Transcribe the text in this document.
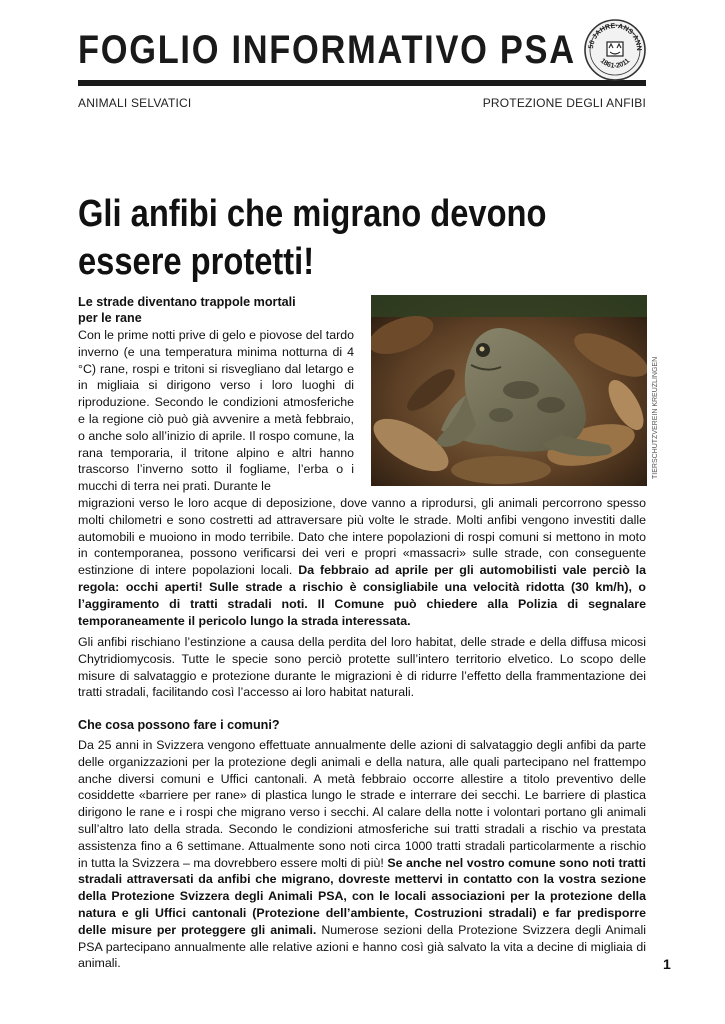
FOGLIO INFORMATIVO PSA	50 JAHRE·ANS·ANN
1861-2011
ANIMALI SELVATICI	PROTEZIONE DEGLI ANFIBI
Gli anfibi che migrano devono
essere protetti!
Le strade diventano trappole mortali
per le rane
Con le prime notti prive di gelo e piovose del tardo inverno (e una temperatura minima notturna di 4 °C) rane, rospi e tritoni si risvegliano dal letargo e in migliaia si dirigono verso i loro luoghi di riproduzione. Secondo le condizioni atmosferiche e la regione ciò può già avvenire a metà febbraio, o anche solo all’inizio di aprile. Il rospo comune, la rana temporaria, il tritone alpino e altri hanno trascorso l’inverno sotto il fogliame, l’erba o i mucchi di terra nei prati. Durante le
TIERSCHUTZVEREIN KREUZLINGEN
migrazioni verso le loro acque di deposizione, dove vanno a riprodursi, gli animali percorrono spesso molti chilometri e sono costretti ad attraversare più volte le strade. Molti anfibi vengono investiti dalle automobili e muoiono in modo terribile. Dato che intere popolazioni di rospi comuni si mettono in moto in contemporanea, possono verificarsi dei veri e propri «massacri» sulle strade, con conseguente estinzione di intere popolazioni locali. Da febbraio ad aprile per gli automobilisti vale perciò la regola: occhi aperti! Sulle strade a rischio è consigliabile una velocità ridotta (30 km/h), o l’aggiramento di tratti stradali noti. Il Comune può chiedere alla Polizia di segnalare temporaneamente il pericolo lungo la strada interessata.
Gli anfibi rischiano l’estinzione a causa della perdita del loro habitat, delle strade e della diffusa micosi Chytridiomycosis. Tutte le specie sono perciò protette sull’intero territorio elvetico. Lo scopo delle misure di salvataggio e protezione durante le migrazioni è di ridurre l’effetto della frammentazione dei tratti stradali, facilitando così l’accesso ai loro habitat naturali.
Che cosa possono fare i comuni?
Da 25 anni in Svizzera vengono effettuate annualmente delle azioni di salvataggio degli anfibi da parte delle organizzazioni per la protezione degli animali e della natura, alle quali partecipano nel frattempo anche diversi comuni e Uffici cantonali. A metà febbraio occorre allestire a titolo preventivo delle cosiddette «barriere per rane» di plastica lungo le strade e interrare dei secchi. Le barriere di plastica dirigono le rane e i rospi che migrano verso i secchi. Al calare della notte i volontari portano gli animali sull’altro lato della strada. Secondo le condizioni atmosferiche sui tratti stradali a rischio va prestata assistenza fino a 6 settimane. Attualmente sono noti circa 1000 tratti stradali particolarmente a rischio in tutta la Svizzera – ma dovrebbero essere molti di più! Se anche nel vostro comune sono noti tratti stradali attraversati da anfibi che migrano, dovreste mettervi in contatto con la vostra sezione della Protezione Svizzera degli Animali PSA, con le locali associazioni per la protezione della natura e gli Uffici cantonali (Protezione dell’ambiente, Costruzioni stradali) e far predisporre delle misure per proteggere gli animali. Numerose sezioni della Protezione Svizzera degli Animali PSA partecipano annualmente alle relative azioni e hanno così già salvato la vita a decine di migliaia di animali.	1
